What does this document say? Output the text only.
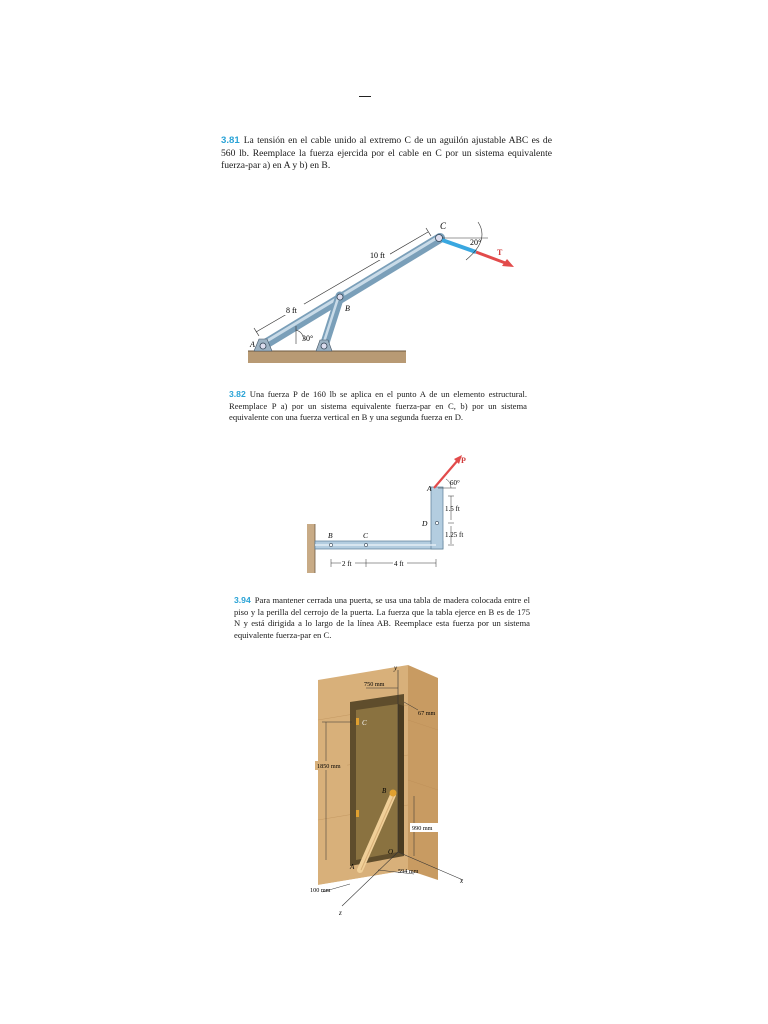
3.81 La tensión en el cable unido al extremo C de un aguilón ajustable ABC es de 560 lb. Reemplace la fuerza ejercida por el cable en C por un sistema equivalente fuerza-par a) en A y b) en B.
8 ft
10 ft
30°
T
20°
C
B
A
3.82 Una fuerza P de 160 lb se aplica en el punto A de un elemento estructural. Reemplace P a) por un sistema equivalente fuerza-par en C, b) por un sistema equivalente con una fuerza vertical en B y una segunda fuerza en D.
P
60°
A
D
B	C
1.5 ft
1.25 ft
2 ft	4 ft
3.94 Para mantener cerrada una puerta, se usa una tabla de madera colocada entre el piso y la perilla del cerrojo de la puerta. La fuerza que la tabla ejerce en B es de 175 N y está dirigida a lo largo de la línea AB. Reemplace esta fuerza por un sistema equivalente fuerza-par en C.
y
x
z
C
B
A
O
1850 mm
750 mm
67 mm
990 mm
594 mm
100 mm
